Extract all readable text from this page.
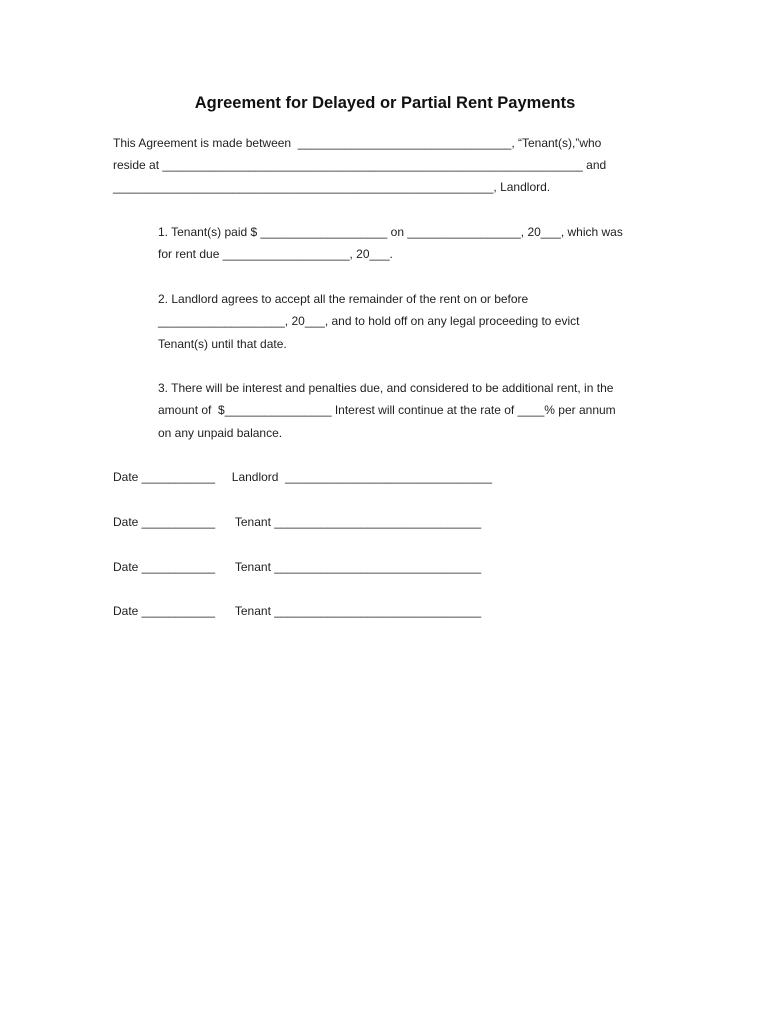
Agreement for Delayed or Partial Rent Payments

This Agreement is made between  ________________________________, “Tenant(s),”who

reside at _______________________________________________________________ and

_________________________________________________________, Landlord.

1. Tenant(s) paid $ ___________________ on _________________, 20___, which was

for rent due ___________________, 20___.

2. Landlord agrees to accept all the remainder of the rent on or before

___________________, 20___, and to hold off on any legal proceeding to evict

Tenant(s) until that date.

3. There will be interest and penalties due, and considered to be additional rent, in the

amount of  $________________ Interest will continue at the rate of ____% per annum

on any unpaid balance.

Date ___________     Landlord  _______________________________

Date ___________      Tenant _______________________________

Date ___________      Tenant _______________________________

Date ___________      Tenant _______________________________
